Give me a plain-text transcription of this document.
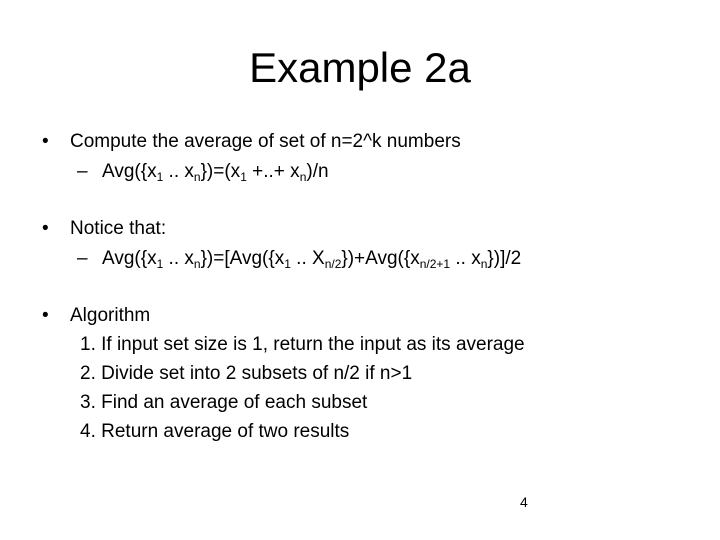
Example 2a
• Compute the average of set of n=2^k numbers
– $Avg(\{x_1$ .. $x_n\})=(x_1$ +..+ $x_n)/n$
• Notice that:
– $Avg(\{x_1$ .. $x_n\})=[Avg(\{x_1$ .. $X_{n/2}\})+Avg(\{x_{n/2+1}$ .. $x_n\})]/2$
• Algorithm
1. If input set size is 1, return the input as its average
2. Divide set into 2 subsets of n/2 if n>1
3. Find an average of each subset
4. Return average of two results
4
